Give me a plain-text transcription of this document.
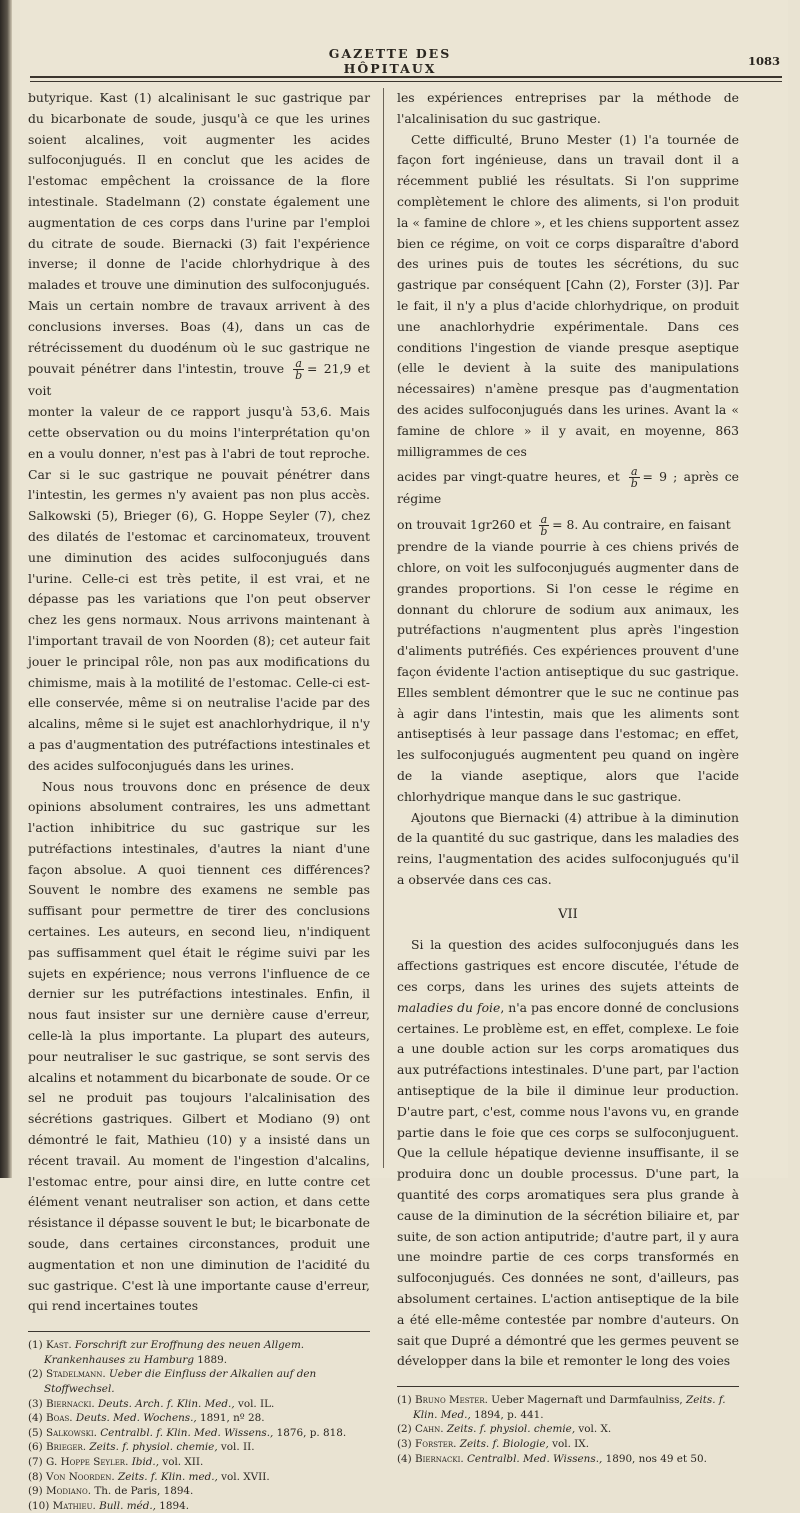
GAZETTE DES HÔPITAUX	1083

butyrique. Kast (1) alcalinisant le suc gastrique par du bicarbonate de soude, jusqu'à ce que les urines soient alcalines, voit augmenter les acides sulfoconjugués. Il en conclut que les acides de l'estomac empêchent la croissance de la flore intestinale. Stadelmann (2) constate également une augmentation de ces corps dans l'urine par l'emploi du citrate de soude. Biernacki (3) fait l'expérience inverse; il donne de l'acide chlorhydrique à des malades et trouve une diminution des sulfoconjugués. Mais un certain nombre de travaux arrivent à des conclusions inverses. Boas (4), dans un cas de rétrécissement du duodénum où le suc gastrique ne pouvait pénétrer dans l'intestin, trouve $\frac{a}{b} = 21,9$ et voit

monter la valeur de ce rapport jusqu'à 53,6. Mais cette observation ou du moins l'interprétation qu'on en a voulu donner, n'est pas à l'abri de tout reproche. Car si le suc gastrique ne pouvait pénétrer dans l'intestin, les germes n'y avaient pas non plus accès. Salkowski (5), Brieger (6), G. Hoppe Seyler (7), chez des dilatés de l'estomac et carcinomateux, trouvent une diminution des acides sulfoconjugués dans l'urine. Celle-ci est très petite, il est vrai, et ne dépasse pas les variations que l'on peut observer chez les gens normaux. Nous arrivons maintenant à l'important travail de von Noorden (8); cet auteur fait jouer le principal rôle, non pas aux modifications du chimisme, mais à la motilité de l'estomac. Celle-ci est-elle conservée, même si on neutralise l'acide par des alcalins, même si le sujet est anachlorhydrique, il n'y a pas d'augmentation des putréfactions intestinales et des acides sulfoconjugués dans les urines.

Nous nous trouvons donc en présence de deux opinions absolument contraires, les uns admettant l'action inhibitrice du suc gastrique sur les putréfactions intestinales, d'autres la niant d'une façon absolue. A quoi tiennent ces différences? Souvent le nombre des examens ne semble pas suffisant pour permettre de tirer des conclusions certaines. Les auteurs, en second lieu, n'indiquent pas suffisamment quel était le régime suivi par les sujets en expérience; nous verrons l'influence de ce dernier sur les putréfactions intestinales. Enfin, il nous faut insister sur une dernière cause d'erreur, celle-là la plus importante. La plupart des auteurs, pour neutraliser le suc gastrique, se sont servis des alcalins et notamment du bicarbonate de soude. Or ce sel ne produit pas toujours l'alcalinisation des sécrétions gastriques. Gilbert et Modiano (9) ont démontré le fait, Mathieu (10) y a insisté dans un récent travail. Au moment de l'ingestion d'alcalins, l'estomac entre, pour ainsi dire, en lutte contre cet élément venant neutraliser son action, et dans cette résistance il dépasse souvent le but; le bicarbonate de soude, dans certaines circonstances, produit une augmentation et non une diminution de l'acidité du suc gastrique. C'est là une importante cause d'erreur, qui rend incertaines toutes

(1) Kast. Forschrift zur Eroffnung des neuen Allgem. Krankenhauses zu Hamburg 1889.

(2) Stadelmann. Ueber die Einfluss der Alkalien auf den Stoffwechsel.

(3) Biernacki. Deuts. Arch. f. Klin. Med., vol. IL.

(4) Boas. Deuts. Med. Wochens., 1891, nº 28.

(5) Salkowski. Centralbl. f. Klin. Med. Wissens., 1876, p. 818.

(6) Brieger. Zeits. f. physiol. chemie, vol. II.

(7) G. Hoppe Seyler. Ibid., vol. XII.

(8) Von Noorden. Zeits. f. Klin. med., vol. XVII.

(9) Modiano. Th. de Paris, 1894.

(10) Mathieu. Bull. méd., 1894.

les expériences entreprises par la méthode de l'alcalinisation du suc gastrique.

Cette difficulté, Bruno Mester (1) l'a tournée de façon fort ingénieuse, dans un travail dont il a récemment publié les résultats. Si l'on supprime complètement le chlore des aliments, si l'on produit la « famine de chlore », et les chiens supportent assez bien ce régime, on voit ce corps disparaître d'abord des urines puis de toutes les sécrétions, du suc gastrique par conséquent [Cahn (2), Forster (3)]. Par le fait, il n'y a plus d'acide chlorhydrique, on produit une anachlorhydrie expérimentale. Dans ces conditions l'ingestion de viande presque aseptique (elle le devient à la suite des manipulations nécessaires) n'amène presque pas d'augmentation des acides sulfoconjugués dans les urines. Avant la « famine de chlore » il y avait, en moyenne, 863 milligrammes de ces

acides par vingt-quatre heures, et $\frac{a}{b} = 9$ ; après ce régime

on trouvait 1gr260 et $\frac{a}{b} = 8$. Au contraire, en faisant

prendre de la viande pourrie à ces chiens privés de chlore, on voit les sulfoconjugués augmenter dans de grandes proportions. Si l'on cesse le régime en donnant du chlorure de sodium aux animaux, les putréfactions n'augmentent plus après l'ingestion d'aliments putréfiés. Ces expériences prouvent d'une façon évidente l'action antiseptique du suc gastrique. Elles semblent démontrer que le suc ne continue pas à agir dans l'intestin, mais que les aliments sont antiseptisés à leur passage dans l'estomac; en effet, les sulfoconjugués augmentent peu quand on ingère de la viande aseptique, alors que l'acide chlorhydrique manque dans le suc gastrique.

Ajoutons que Biernacki (4) attribue à la diminution de la quantité du suc gastrique, dans les maladies des reins, l'augmentation des acides sulfoconjugués qu'il a observée dans ces cas.

VII

Si la question des acides sulfoconjugués dans les affections gastriques est encore discutée, l'étude de ces corps, dans les urines des sujets atteints de maladies du foie, n'a pas encore donné de conclusions certaines. Le problème est, en effet, complexe. Le foie a une double action sur les corps aromatiques dus aux putréfactions intestinales. D'une part, par l'action antiseptique de la bile il diminue leur production. D'autre part, c'est, comme nous l'avons vu, en grande partie dans le foie que ces corps se sulfoconjuguent. Que la cellule hépatique devienne insuffisante, il se produira donc un double processus. D'une part, la quantité des corps aromatiques sera plus grande à cause de la diminution de la sécrétion biliaire et, par suite, de son action antiputride; d'autre part, il y aura une moindre partie de ces corps transformés en sulfoconjugués. Ces données ne sont, d'ailleurs, pas absolument certaines. L'action antiseptique de la bile a été elle-même contestée par nombre d'auteurs. On sait que Dupré a démontré que les germes peuvent se développer dans la bile et remonter le long des voies

(1) Bruno Mester. Ueber Magernaft und Darmfaulniss, Zeits. f. Klin. Med., 1894, p. 441.

(2) Cahn. Zeits. f. physiol. chemie, vol. X.

(3) Forster. Zeits. f. Biologie, vol. IX.

(4) Biernacki. Centralbl. Med. Wissens., 1890, nos 49 et 50.
